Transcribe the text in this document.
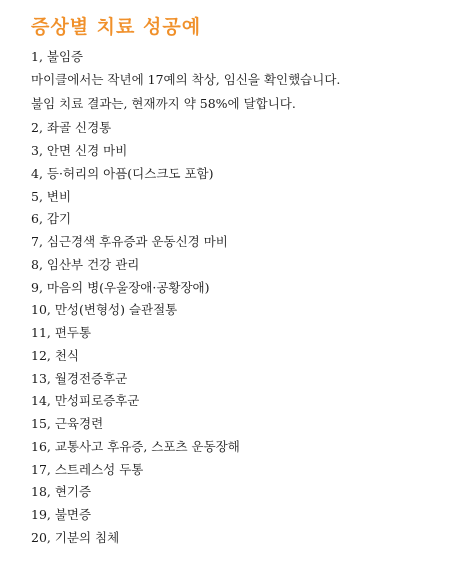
증상별 치료 성공예
1, 불임증
마이클에서는 작년에 17예의 착상, 임신을 확인했습니다.
불임 치료 결과는, 현재까지 약 58%에 달합니다.
2, 좌골 신경통
3, 안면 신경 마비
4, 등·허리의 아픔(디스크도 포함)
5, 변비
6, 감기
7, 심근경색 후유증과 운동신경 마비
8, 임산부 건강 관리
9, 마음의 병(우울장애·공황장애)
10, 만성(변형성) 슬관절통
11, 편두통
12, 천식
13, 월경전증후군
14, 만성피로증후군
15, 근육경련
16, 교통사고 후유증, 스포츠 운동장해
17, 스트레스성 두통
18, 현기증
19, 불면증
20, 기분의 침체
